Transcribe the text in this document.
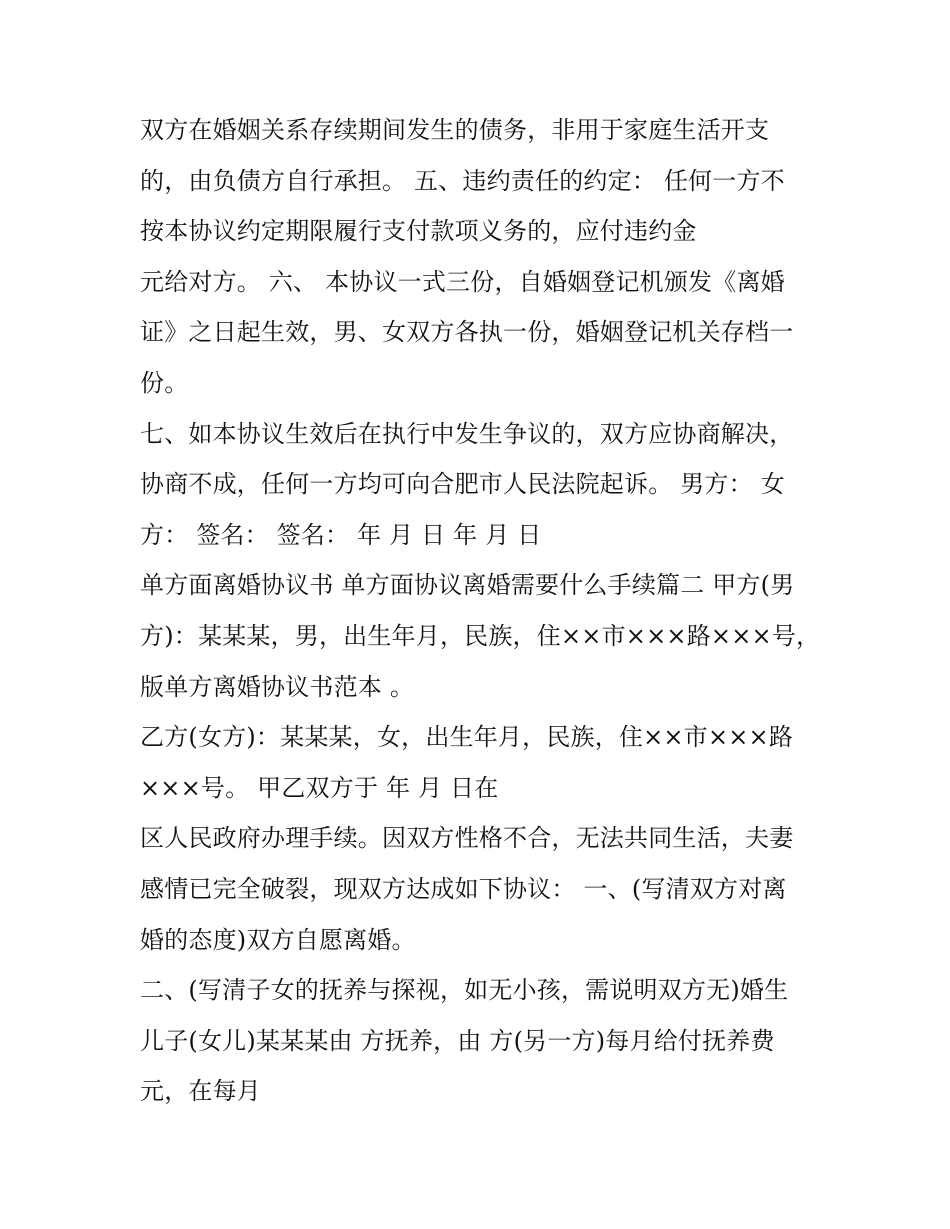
双方在婚姻关系存续期间发生的债务，非用于家庭生活开支
的，由负债方自行承担。 五、违约责任的约定： 任何一方不
按本协议约定期限履行支付款项义务的，应付违约金
元给对方。 六、 本协议一式三份，自婚姻登记机颁发《离婚
证》之日起生效，男、女双方各执一份，婚姻登记机关存档一
份。
七、如本协议生效后在执行中发生争议的，双方应协商解决，
协商不成，任何一方均可向合肥市人民法院起诉。 男方： 女
方： 签名： 签名： 年 月 日 年 月 日
单方面离婚协议书 单方面协议离婚需要什么手续篇二 甲方(男
方)：某某某，男，出生年月，民族，住××市×××路×××号，
版单方离婚协议书范本 。
乙方(女方)：某某某，女，出生年月，民族，住××市×××路
×××号。 甲乙双方于 年 月 日在
区人民政府办理手续。因双方性格不合，无法共同生活，夫妻
感情已完全破裂，现双方达成如下协议： 一、(写清双方对离
婚的态度)双方自愿离婚。
二、(写清子女的抚养与探视，如无小孩，需说明双方无)婚生
儿子(女儿)某某某由 方抚养，由 方(另一方)每月给付抚养费
元，在每月
